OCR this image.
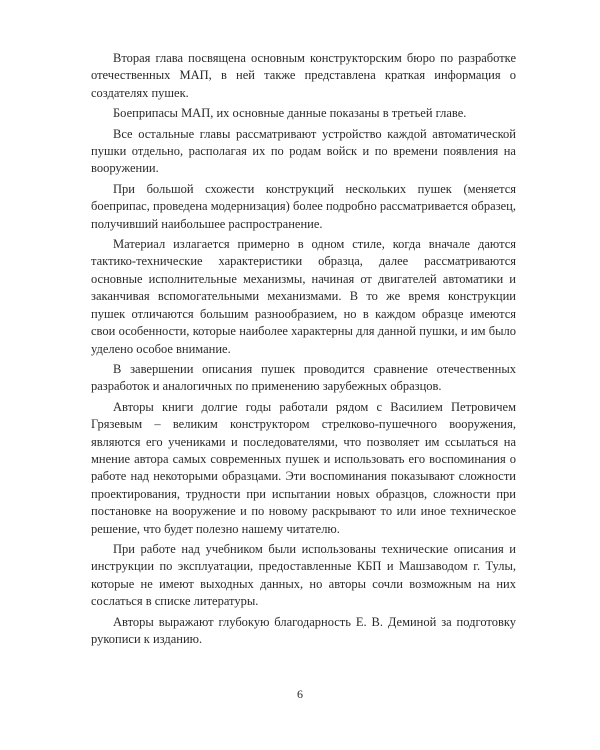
Вторая глава посвящена основным конструкторским бюро по разработке отечественных МАП, в ней также представлена краткая информация о создателях пушек.

Боеприпасы МАП, их основные данные показаны в третьей главе.

Все остальные главы рассматривают устройство каждой автоматической пушки отдельно, располагая их по родам войск и по времени появления на вооружении.

При большой схожести конструкций нескольких пушек (меняется боеприпас, проведена модернизация) более подробно рассматривается образец, получивший наибольшее распространение.

Материал излагается примерно в одном стиле, когда вначале даются тактико-технические характеристики образца, далее рассматриваются основные исполнительные механизмы, начиная от двигателей автоматики и заканчивая вспомогательными механизмами. В то же время конструкции пушек отличаются большим разнообразием, но в каждом образце имеются свои особенности, которые наиболее характерны для данной пушки, и им было уделено особое внимание.

В завершении описания пушек проводится сравнение отечественных разработок и аналогичных по применению зарубежных образцов.

Авторы книги долгие годы работали рядом с Василием Петровичем Грязевым – великим конструктором стрелково-пушечного вооружения, являются его учениками и последователями, что позволяет им ссылаться на мнение автора самых современных пушек и использовать его воспоминания о работе над некоторыми образцами. Эти воспоминания показывают сложности проектирования, трудности при испытании новых образцов, сложности при постановке на вооружение и по новому раскрывают то или иное техническое решение, что будет полезно нашему читателю.

При работе над учебником были использованы технические описания и инструкции по эксплуатации, предоставленные КБП и Машзаводом г. Тулы, которые не имеют выходных данных, но авторы сочли возможным на них сослаться в списке литературы.

Авторы выражают глубокую благодарность Е. В. Деминой за подготовку рукописи к изданию.

6
